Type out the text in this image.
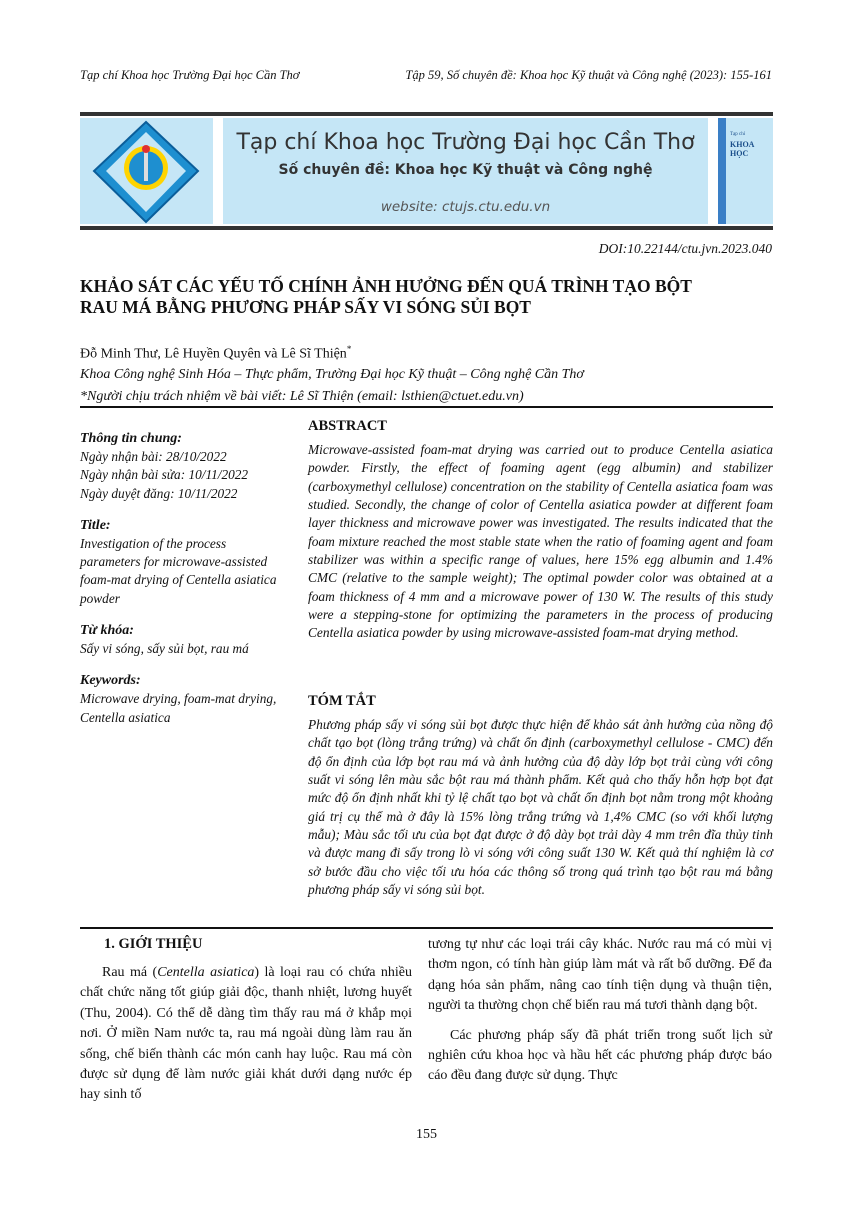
Tạp chí Khoa học Trường Đại học Cần Thơ	Tập 59, Số chuyên đề: Khoa học Kỹ thuật và Công nghệ (2023): 155-161
Tạp chí Khoa học Trường Đại học Cần Thơ
Số chuyên đề: Khoa học Kỹ thuật và Công nghệ
website: ctujs.ctu.edu.vn
Tạp chí
KHOA HỌC
DOI:10.22144/ctu.jvn.2023.040
KHẢO SÁT CÁC YẾU TỐ CHÍNH ẢNH HƯỞNG ĐẾN QUÁ TRÌNH TẠO BỘT
RAU MÁ BẰNG PHƯƠNG PHÁP SẤY VI SÓNG SỦI BỌT
Đỗ Minh Thư, Lê Huyền Quyên và Lê Sĩ Thiện*
Khoa Công nghệ Sinh Hóa – Thực phẩm, Trường Đại học Kỹ thuật – Công nghệ Cần Thơ
*Người chịu trách nhiệm về bài viết: Lê Sĩ Thiện (email: lsthien@ctuet.edu.vn)
Thông tin chung:

Ngày nhận bài: 28/10/2022
Ngày nhận bài sửa: 10/11/2022
Ngày duyệt đăng: 10/11/2022

Title:

Investigation of the process parameters for microwave-assisted foam-mat drying of Centella asiatica powder

Từ khóa:

Sấy vi sóng, sấy sủi bọt, rau má

Keywords:

Microwave drying, foam-mat drying, Centella asiatica

ABSTRACT

Microwave-assisted foam-mat drying was carried out to produce Centella asiatica powder. Firstly, the effect of foaming agent (egg albumin) and stabilizer (carboxymethyl cellulose) concentration on the stability of Centella asiatica foam was studied. Secondly, the change of color of Centella asiatica powder at different foam layer thickness and microwave power was investigated. The results indicated that the foam mixture reached the most stable state when the ratio of foaming agent and foam stabilizer was within a specific range of values, here 15% egg albumin and 1.4% CMC (relative to the sample weight); The optimal powder color was obtained at a foam thickness of 4 mm and a microwave power of 130 W. The results of this study were a stepping-stone for optimizing the parameters in the process of producing Centella asiatica powder by using microwave-assisted foam-mat drying method.

TÓM TẮT

Phương pháp sấy vi sóng sủi bọt được thực hiện để khảo sát ảnh hưởng của nồng độ chất tạo bọt (lòng trắng trứng) và chất ổn định (carboxymethyl cellulose - CMC) đến độ ổn định của lớp bọt rau má và ảnh hưởng của độ dày lớp bọt trải cùng với công suất vi sóng lên màu sắc bột rau má thành phẩm. Kết quả cho thấy hỗn hợp bọt đạt mức độ ổn định nhất khi tỷ lệ chất tạo bọt và chất ổn định bọt nằm trong một khoảng giá trị cụ thể mà ở đây là 15% lòng trắng trứng và 1,4% CMC (so với khối lượng mẫu); Màu sắc tối ưu của bọt đạt được ở độ dày bọt trải dày 4 mm trên đĩa thủy tinh và được mang đi sấy trong lò vi sóng với công suất 130 W. Kết quả thí nghiệm là cơ sở bước đầu cho việc tối ưu hóa các thông số trong quá trình tạo bột rau má bằng phương pháp sấy vi sóng sủi bọt.

1. GIỚI THIỆU

Rau má (Centella asiatica) là loại rau có chứa nhiều chất chức năng tốt giúp giải độc, thanh nhiệt, lương huyết (Thu, 2004). Có thể dễ dàng tìm thấy rau má ở khắp mọi nơi. Ở miền Nam nước ta, rau má ngoài dùng làm rau ăn sống, chế biến thành các món canh hay luộc. Rau má còn được sử dụng để làm nước giải khát dưới dạng nước ép hay sinh tố

tương tự như các loại trái cây khác. Nước rau má có mùi vị thơm ngon, có tính hàn giúp làm mát và rất bổ dưỡng. Để đa dạng hóa sản phẩm, nâng cao tính tiện dụng và thuận tiện, người ta thường chọn chế biến rau má tươi thành dạng bột.

Các phương pháp sấy đã phát triển trong suốt lịch sử nghiên cứu khoa học và hầu hết các phương pháp được báo cáo đều đang được sử dụng. Thực

155
